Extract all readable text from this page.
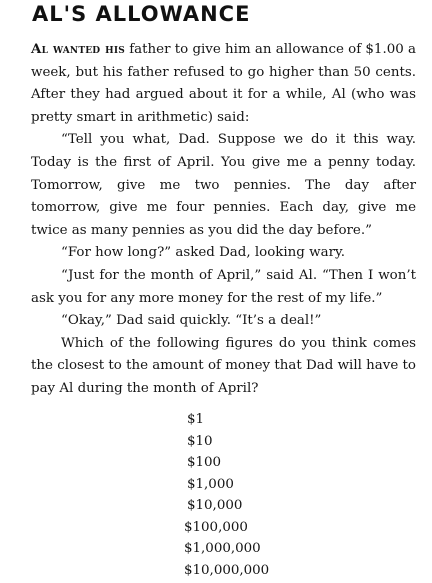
AL'S ALLOWANCE

Al wanted his father to give him an allowance of $1.00 a week, but his father refused to go higher than 50 cents. After they had argued about it for a while, Al (who was pretty smart in arithmetic) said:

“Tell you what, Dad. Suppose we do it this way. Today is the first of April. You give me a penny today. Tomorrow, give me two pennies. The day after tomorrow, give me four pennies. Each day, give me twice as many pennies as you did the day before.”

“For how long?” asked Dad, looking wary.

“Just for the month of April,” said Al. “Then I won’t ask you for any more money for the rest of my life.”

“Okay,” Dad said quickly. “It’s a deal!”

Which of the following figures do you think comes the closest to the amount of money that Dad will have to pay Al during the month of April?

$1
$10
$100
$1,000
$10,000
$100,000
$1,000,000
$10,000,000
